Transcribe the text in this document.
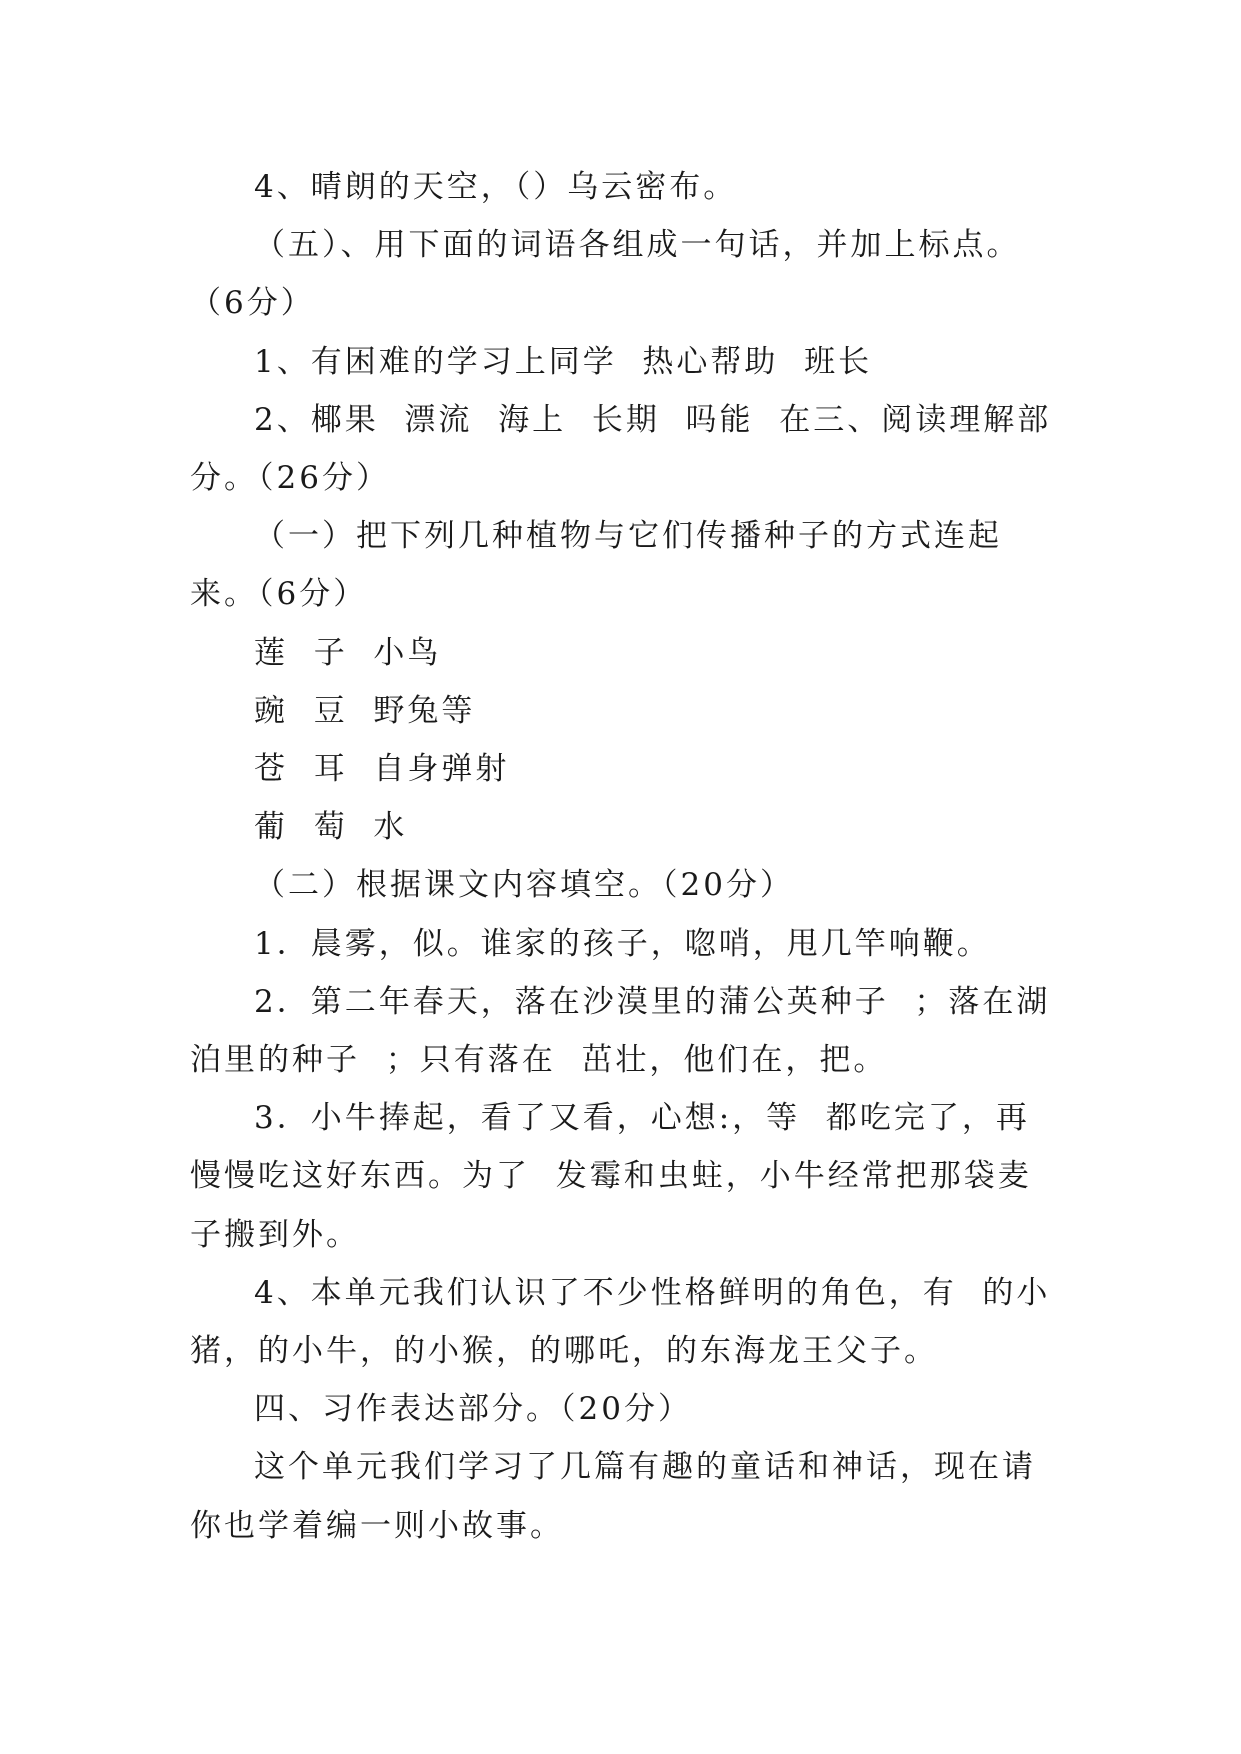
4、晴朗的天空，（）乌云密布。

（五）、用下面的词语各组成一句话，并加上标点。（6分）

1、有困难的学习上同学  热心帮助  班长

2、椰果  漂流  海上  长期  吗能  在三、阅读理解部分。（26分）

（一）把下列几种植物与它们传播种子的方式连起来。（6分）

莲  子  小鸟

豌  豆  野兔等

苍  耳  自身弹射

葡  萄  水

（二）根据课文内容填空。（20分）

1．晨雾，似。谁家的孩子，唿哨，甩几竿响鞭。

2．第二年春天，落在沙漠里的蒲公英种子  ；落在湖泊里的种子  ；只有落在  茁壮，他们在，把。

3．小牛捧起，看了又看，心想:，等  都吃完了，再慢慢吃这好东西。为了  发霉和虫蛀，小牛经常把那袋麦子搬到外。

4、本单元我们认识了不少性格鲜明的角色，有  的小猪，的小牛，的小猴，的哪吒，的东海龙王父子。

四、习作表达部分。（20分）

这个单元我们学习了几篇有趣的童话和神话，现在请你也学着编一则小故事。
